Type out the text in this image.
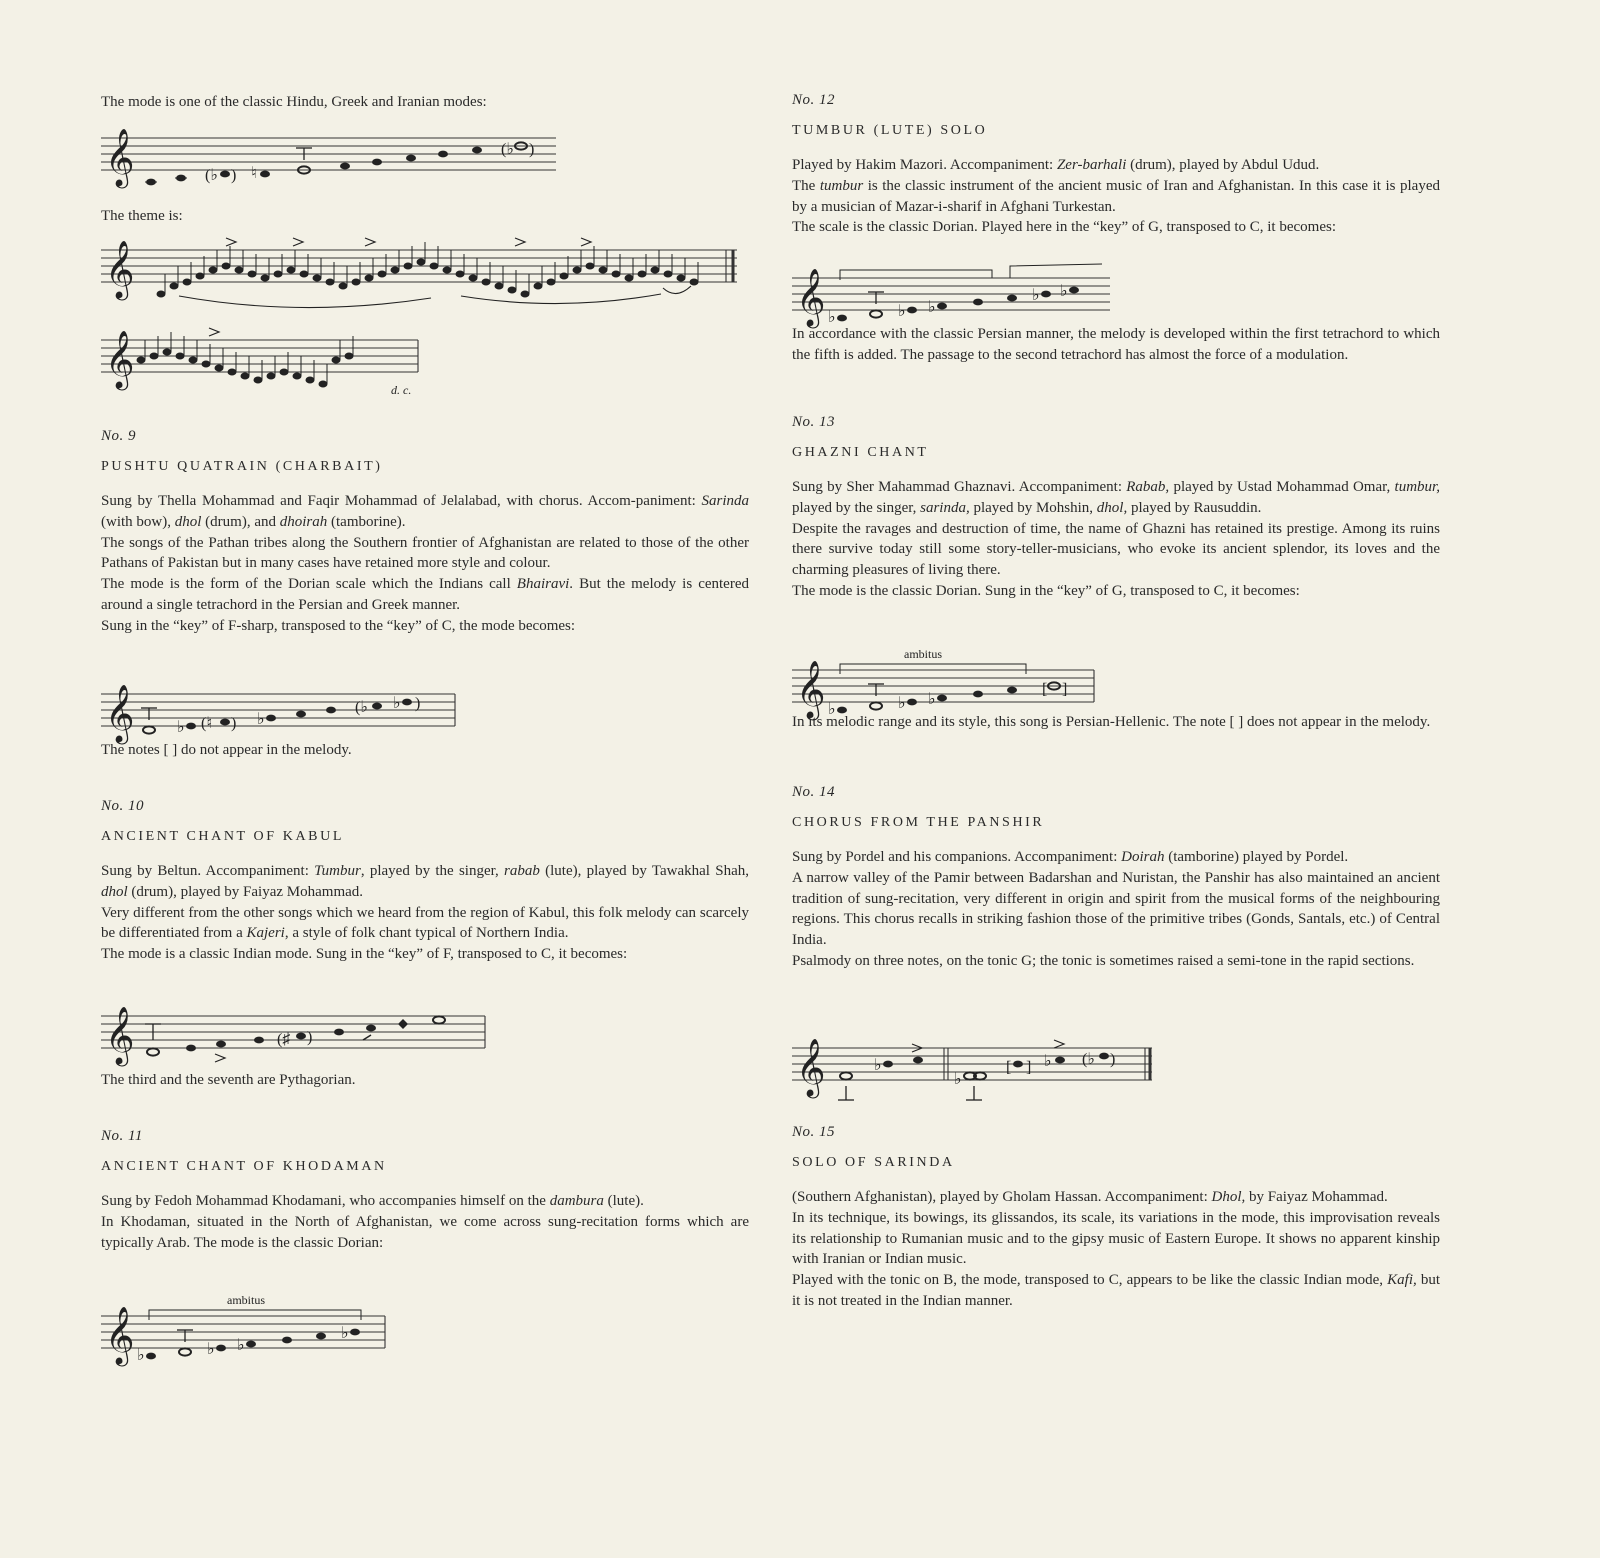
The mode is one of the classic Hindu, Greek and Iranian modes:

𝄞	(♭ ) ♮
(♭ )

The theme is:

𝄞
𝄞
d. c.
No. 9
PUSHTU QUATRAIN (CHARBAIT)

Sung by Thella Mohammad and Faqir Mohammad of Jelalabad, with chorus. Accom-paniment: Sarinda (with bow), dhol (drum), and dhoirah (tamborine).

The songs of the Pathan tribes along the Southern frontier of Afghanistan are related to those of the other Pathans of Pakistan but in many cases have retained more style and colour.

The mode is the form of the Dorian scale which the Indians call Bhairavi. But the melody is centered around a single tetrachord in the Persian and Greek manner.

Sung in the “key” of F-sharp, transposed to the “key” of C, the mode becomes:

𝄞	♭ (♮ ) ♭
(♭ ♭ )

The notes [ ] do not appear in the melody.

No. 10
ANCIENT CHANT OF KABUL

Sung by Beltun. Accompaniment: Tumbur, played by the singer, rabab (lute), played by Tawakhal Shah, dhol (drum), played by Faiyaz Mohammad.

Very different from the other songs which we heard from the region of Kabul, this folk melody can scarcely be differentiated from a Kajeri, a style of folk chant typical of Northern India.

The mode is a classic Indian mode. Sung in the “key” of F, transposed to C, it becomes:

𝄞	(♯ )

The third and the seventh are Pythagorian.

No. 11
ANCIENT CHANT OF KHODAMAN

Sung by Fedoh Mohammad Khodamani, who accompanies himself on the dambura (lute).

In Khodaman, situated in the North of Afghanistan, we come across sung-recitation forms which are typically Arab. The mode is the classic Dorian:

ambitus
𝄞 ♭	♭ ♭
♭
No. 12
TUMBUR (LUTE) SOLO

Played by Hakim Mazori. Accompaniment: Zer-barhali (drum), played by Abdul Udud.

The tumbur is the classic instrument of the ancient music of Iran and Afghanistan. In this case it is played by a musician of Mazar-i-sharif in Afghani Turkestan.

The scale is the classic Dorian. Played here in the “key” of G, transposed to C, it becomes:

𝄞 ♭	♭ ♭
♭ ♭

In accordance with the classic Persian manner, the melody is developed within the first tetrachord to which the fifth is added. The passage to the second tetrachord has almost the force of a modulation.

No. 13
GHAZNI CHANT

Sung by Sher Mahammad Ghaznavi. Accompaniment: Rabab, played by Ustad Mohammad Omar, tumbur, played by the singer, sarinda, played by Mohshin, dhol, played by Rausuddin.

Despite the ravages and destruction of time, the name of Ghazni has retained its prestige. Among its ruins there survive today still some story-teller-musicians, who evoke its ancient splendor, its loves and the charming pleasures of living there.

The mode is the classic Dorian. Sung in the “key” of G, transposed to C, it becomes:

ambitus
𝄞 ♭	♭ ♭
[ ]

In its melodic range and its style, this song is Persian-Hellenic. The note [ ] does not appear in the melody.

No. 14
CHORUS FROM THE PANSHIR

Sung by Pordel and his companions. Accompaniment: Doirah (tamborine) played by Pordel.

A narrow valley of the Pamir between Badarshan and Nuristan, the Panshir has also maintained an ancient tradition of sung-recitation, very different in origin and spirit from the musical forms of the neighbouring regions. This chorus recalls in striking fashion those of the primitive tribes (Gonds, Santals, etc.) of Central India.

Psalmody on three notes, on the tonic G; the tonic is sometimes raised a semi-tone in the rapid sections.

𝄞	♭
♭
[ ] ♭ (♭ )
No. 15
SOLO OF SARINDA

(Southern Afghanistan), played by Gholam Hassan. Accompaniment: Dhol, by Faiyaz Mohammad.

In its technique, its bowings, its glissandos, its scale, its variations in the mode, this improvisation reveals its relationship to Rumanian music and to the gipsy music of Eastern Europe. It shows no apparent kinship with Iranian or Indian music.

Played with the tonic on B, the mode, transposed to C, appears to be like the classic Indian mode, Kafi, but it is not treated in the Indian manner.
